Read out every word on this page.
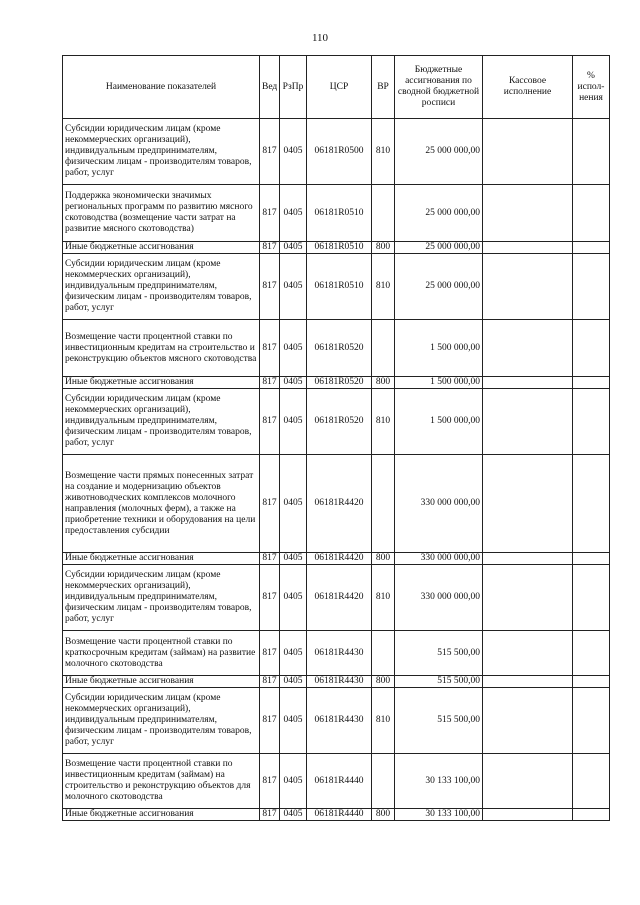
110
Наименование показателей	Вед	РзПр	ЦСР	ВР	Бюджетные ассигнования по сводной бюджетной росписи	Кассовое исполнение	% испол-нения
Субсидии юридическим лицам (кроме некоммерческих организаций), индивидуальным предпринимателям, физическим лицам - производителям товаров, работ, услуг	817	0405	06181R0500	810	25 000 000,00		
Поддержка экономически значимых региональных программ по развитию мясного скотоводства (возмещение части затрат на развитие мясного скотоводства)	817	0405	06181R0510		25 000 000,00		
Иные бюджетные ассигнования	817	0405	06181R0510	800	25 000 000,00		
Субсидии юридическим лицам (кроме некоммерческих организаций), индивидуальным предпринимателям, физическим лицам - производителям товаров, работ, услуг	817	0405	06181R0510	810	25 000 000,00		
Возмещение части процентной ставки по инвестиционным кредитам на строительство и реконструкцию объектов мясного скотоводства	817	0405	06181R0520		1 500 000,00		
Иные бюджетные ассигнования	817	0405	06181R0520	800	1 500 000,00		
Субсидии юридическим лицам (кроме некоммерческих организаций), индивидуальным предпринимателям, физическим лицам - производителям товаров, работ, услуг	817	0405	06181R0520	810	1 500 000,00		
Возмещение части прямых понесенных затрат на создание и модернизацию объектов животноводческих комплексов молочного направления (молочных ферм), а также на приобретение техники и оборудования на цели предоставления субсидии	817	0405	06181R4420		330 000 000,00		
Иные бюджетные ассигнования	817	0405	06181R4420	800	330 000 000,00		
Субсидии юридическим лицам (кроме некоммерческих организаций), индивидуальным предпринимателям, физическим лицам - производителям товаров, работ, услуг	817	0405	06181R4420	810	330 000 000,00		
Возмещение части процентной ставки по краткосрочным кредитам (займам) на развитие молочного скотоводства	817	0405	06181R4430		515 500,00		
Иные бюджетные ассигнования	817	0405	06181R4430	800	515 500,00		
Субсидии юридическим лицам (кроме некоммерческих организаций), индивидуальным предпринимателям, физическим лицам - производителям товаров, работ, услуг	817	0405	06181R4430	810	515 500,00		
Возмещение части процентной ставки по инвестиционным кредитам (займам) на строительство и реконструкцию объектов для молочного скотоводства	817	0405	06181R4440		30 133 100,00		
Иные бюджетные ассигнования	817	0405	06181R4440	800	30 133 100,00		
